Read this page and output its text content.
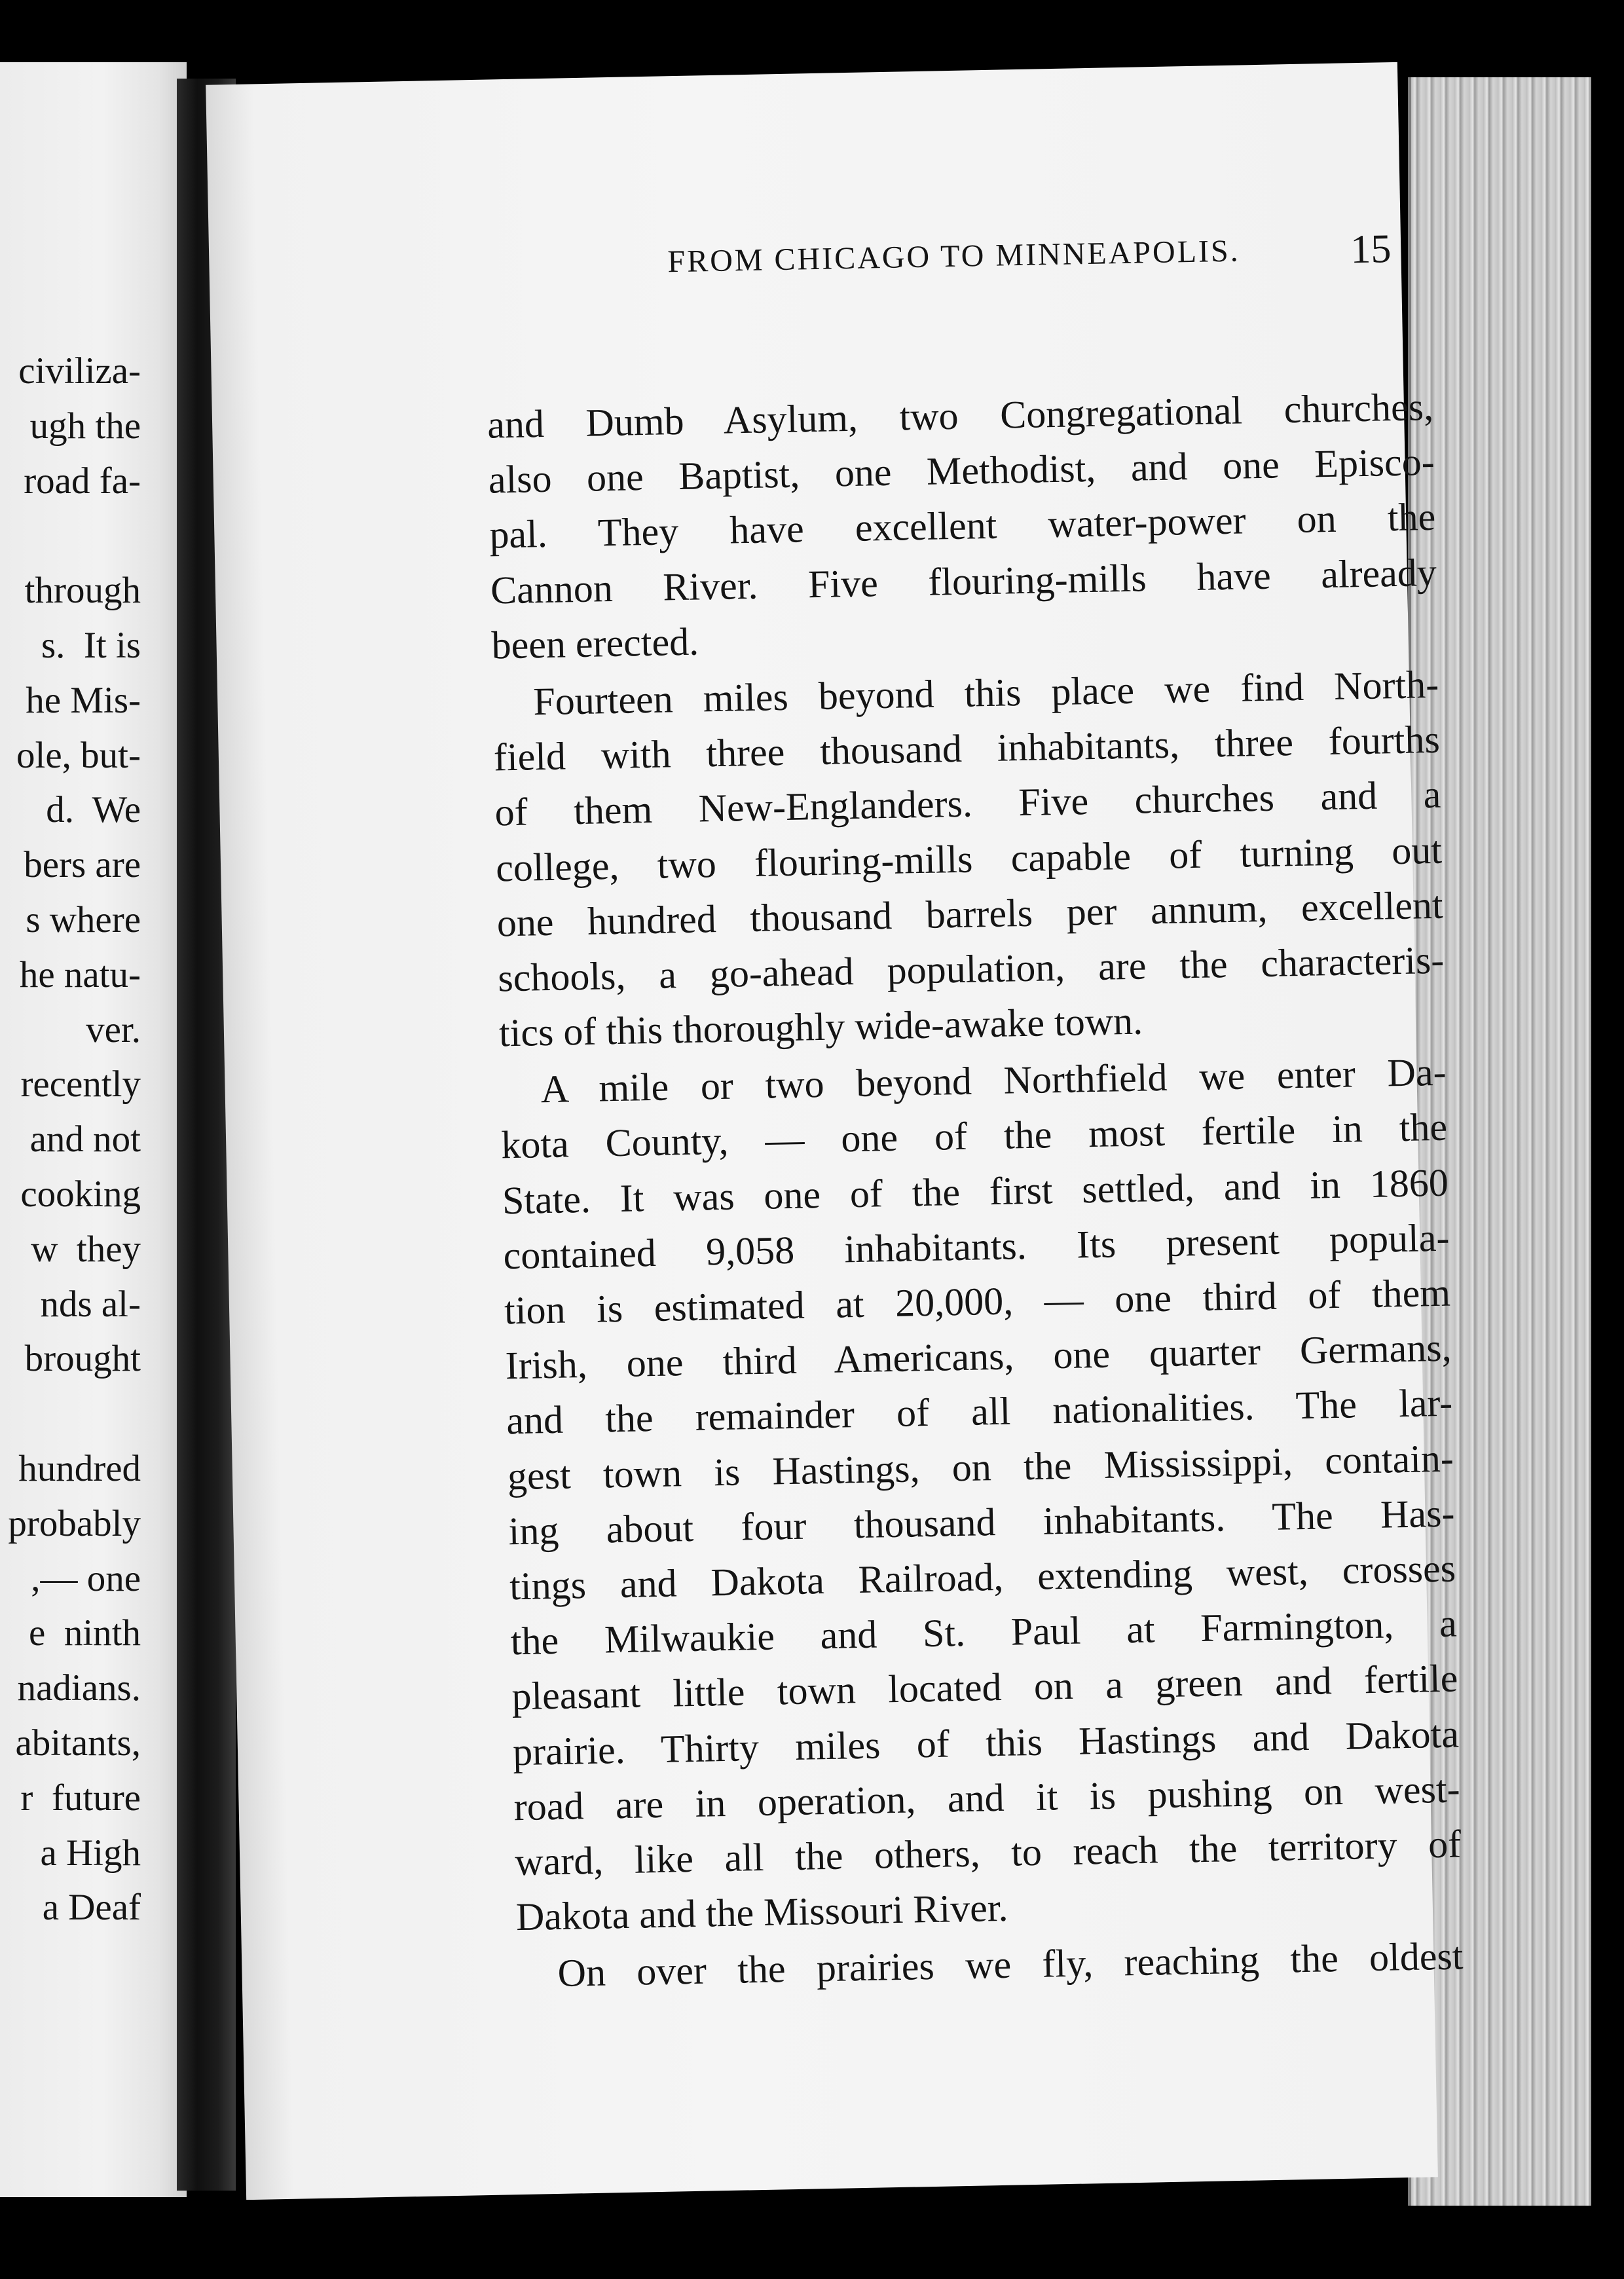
civiliza-
ugh the
road fa-
through
s.  It is
he Mis-
ole, but-
d.  We
bers are
s where
he natu-
ver.
recently
and not
cooking
w  they
nds al-
brought
hundred
probably
,— one
e  ninth
nadians.
abitants,
r  future
a High
a Deaf
FROM CHICAGO TO MINNEAPOLIS.	15
and Dumb Asylum, two Congregational churches,
also one Baptist, one Methodist, and one Episco-
pal. They have excellent water-power on the
Cannon River. Five flouring-mills have already
been erected.
Fourteen miles beyond this place we find North-
field with three thousand inhabitants, three fourths
of them New-Englanders. Five churches and a
college, two flouring-mills capable of turning out
one hundred thousand barrels per annum, excellent
schools, a go-ahead population, are the characteris-
tics of this thoroughly wide-awake town.
A mile or two beyond Northfield we enter Da-
kota County, — one of the most fertile in the
State. It was one of the first settled, and in 1860
contained 9,058 inhabitants. Its present popula-
tion is estimated at 20,000, — one third of them
Irish, one third Americans, one quarter Germans,
and the remainder of all nationalities. The lar-
gest town is Hastings, on the Mississippi, contain-
ing about four thousand inhabitants. The Has-
tings and Dakota Railroad, extending west, crosses
the Milwaukie and St. Paul at Farmington, a
pleasant little town located on a green and fertile
prairie. Thirty miles of this Hastings and Dakota
road are in operation, and it is pushing on west-
ward, like all the others, to reach the territory of
Dakota and the Missouri River.
On over the prairies we fly, reaching the oldest
